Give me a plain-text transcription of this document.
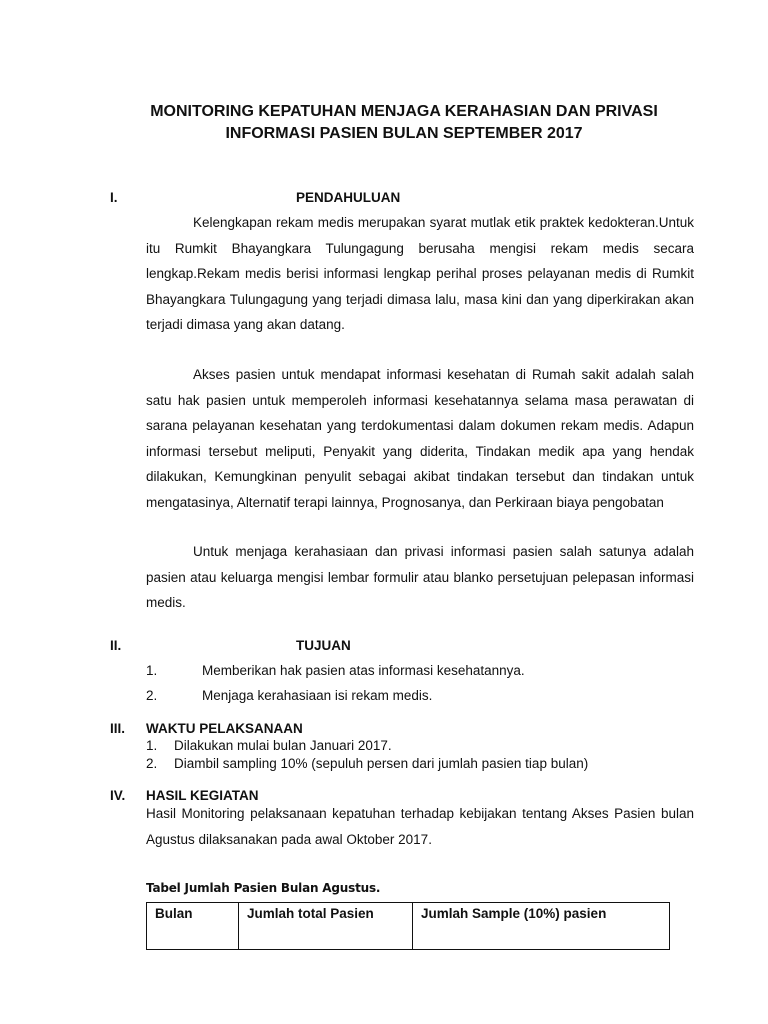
MONITORING KEPATUHAN MENJAGA KERAHASIAN DAN PRIVASI
INFORMASI PASIEN BULAN SEPTEMBER 2017
I.	PENDAHULUAN
Kelengkapan rekam medis merupakan syarat mutlak etik praktek kedokteran.Untuk itu Rumkit Bhayangkara Tulungagung berusaha mengisi rekam medis secara lengkap.Rekam medis berisi informasi lengkap perihal proses pelayanan medis di Rumkit Bhayangkara Tulungagung yang terjadi dimasa lalu, masa kini dan yang diperkirakan akan terjadi dimasa yang akan datang.
Akses pasien untuk mendapat informasi kesehatan di Rumah sakit adalah salah satu hak pasien untuk memperoleh informasi kesehatannya selama masa perawatan di sarana pelayanan kesehatan yang terdokumentasi dalam dokumen rekam medis. Adapun informasi tersebut meliputi, Penyakit yang diderita, Tindakan medik apa yang hendak dilakukan, Kemungkinan penyulit sebagai akibat tindakan tersebut dan tindakan untuk mengatasinya, Alternatif terapi lainnya, Prognosanya, dan Perkiraan biaya pengobatan
Untuk menjaga kerahasiaan dan privasi informasi pasien salah satunya adalah pasien atau keluarga mengisi lembar formulir atau blanko persetujuan pelepasan informasi medis.
II.	TUJUAN
1.	Memberikan hak pasien atas informasi kesehatannya.
2.	Menjaga kerahasiaan isi rekam medis.
III. WAKTU PELAKSANAAN
1. Dilakukan mulai bulan Januari 2017.
2. Diambil sampling 10% (sepuluh persen dari jumlah pasien tiap bulan)
IV. HASIL KEGIATAN
Hasil Monitoring pelaksanaan kepatuhan terhadap kebijakan tentang Akses Pasien bulan Agustus dilaksanakan pada awal Oktober 2017.
Tabel Jumlah Pasien Bulan Agustus.
Bulan	Jumlah total Pasien	Jumlah Sample (10%) pasien
